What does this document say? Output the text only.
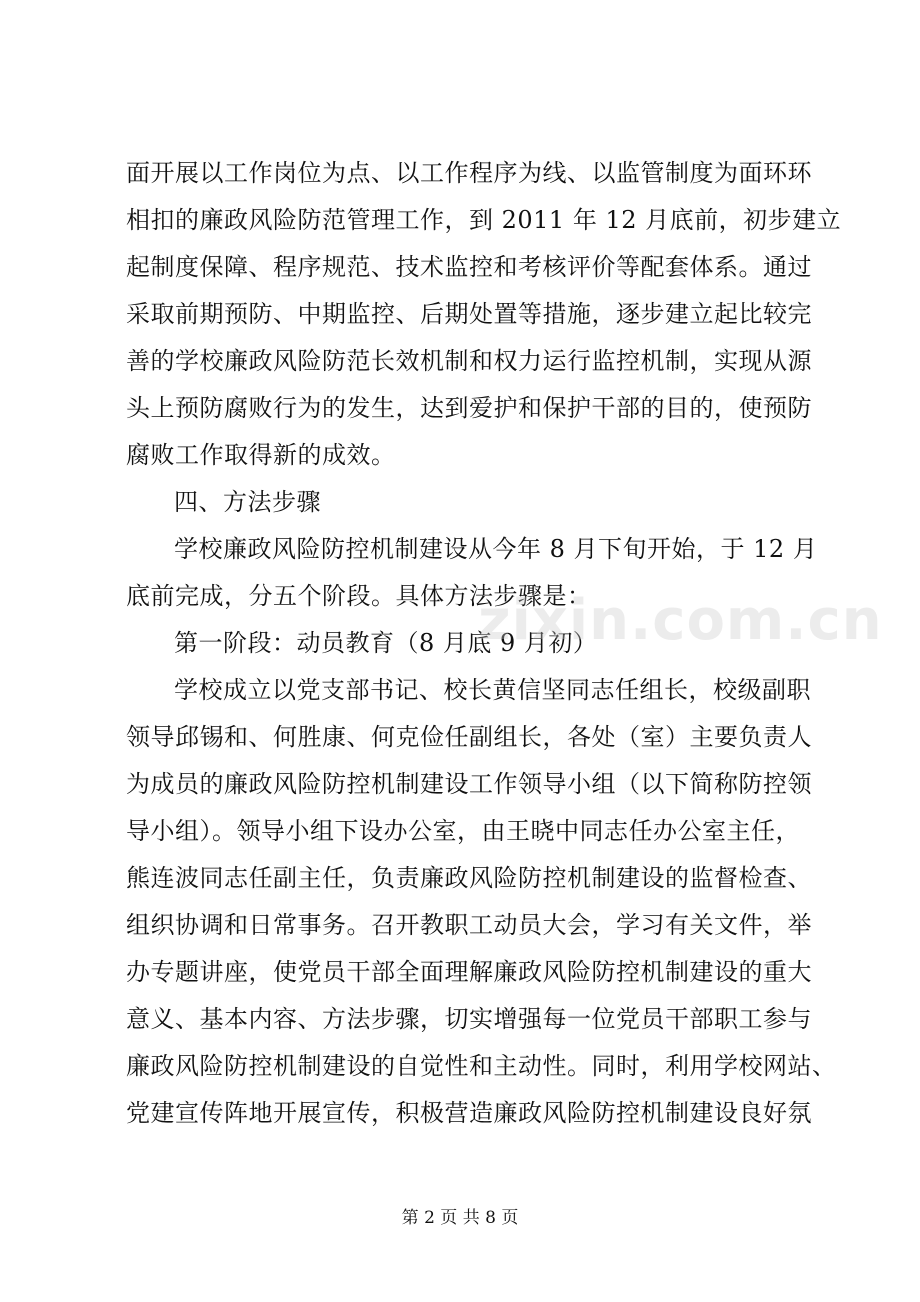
面开展以工作岗位为点、以工作程序为线、以监管制度为面环环
相扣的廉政风险防范管理工作，到 2011 年 12 月底前，初步建立
起制度保障、程序规范、技术监控和考核评价等配套体系。通过
采取前期预防、中期监控、后期处置等措施，逐步建立起比较完
善的学校廉政风险防范长效机制和权力运行监控机制，实现从源
头上预防腐败行为的发生，达到爱护和保护干部的目的，使预防
腐败工作取得新的成效。
四、方法步骤
学校廉政风险防控机制建设从今年 8 月下旬开始，于 12 月
底前完成，分五个阶段。具体方法步骤是：
第一阶段：动员教育（8 月底 9 月初）
学校成立以党支部书记、校长黄信坚同志任组长，校级副职
领导邱锡和、何胜康、何克俭任副组长，各处（室）主要负责人
为成员的廉政风险防控机制建设工作领导小组（以下简称防控领
导小组）。领导小组下设办公室，由王晓中同志任办公室主任，
熊连波同志任副主任，负责廉政风险防控机制建设的监督检查、
组织协调和日常事务。召开教职工动员大会，学习有关文件，举
办专题讲座，使党员干部全面理解廉政风险防控机制建设的重大
意义、基本内容、方法步骤，切实增强每一位党员干部职工参与
廉政风险防控机制建设的自觉性和主动性。同时，利用学校网站、
党建宣传阵地开展宣传，积极营造廉政风险防控机制建设良好氛
zixin.com.cn
第 2 页 共 8 页
